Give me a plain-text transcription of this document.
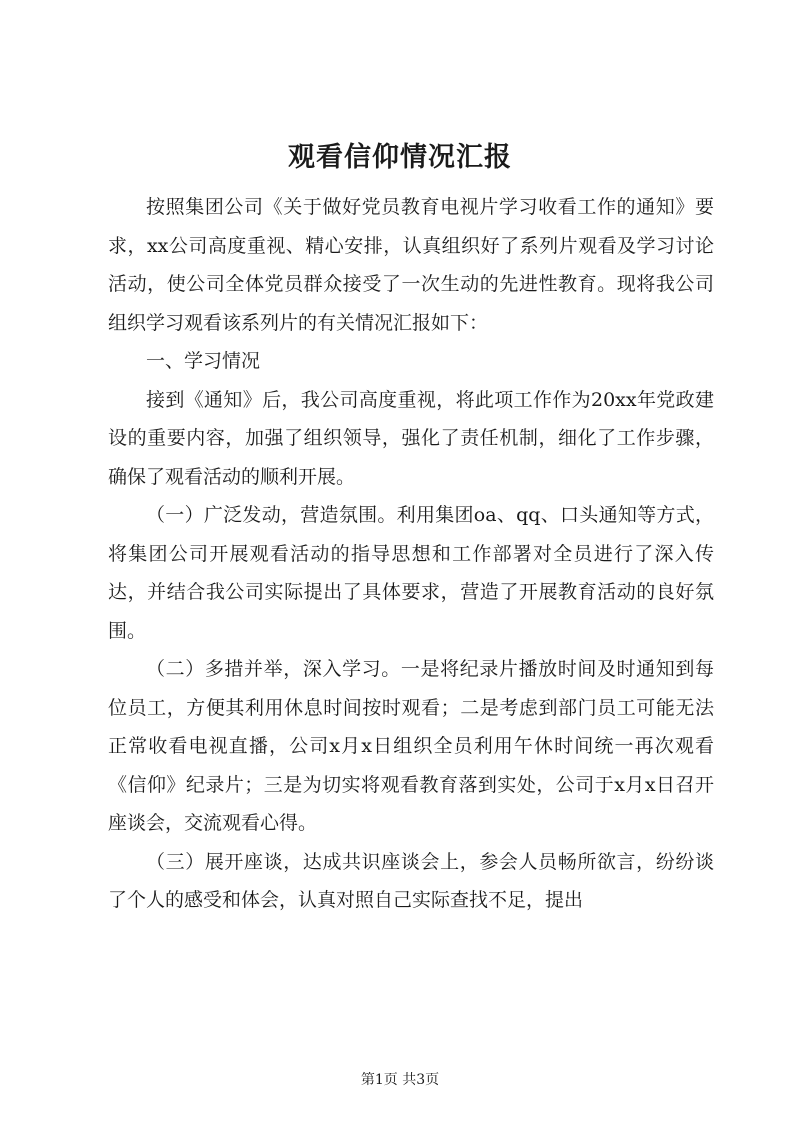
观看信仰情况汇报

按照集团公司《关于做好党员教育电视片学习收看工作的通知》要求，xx公司高度重视、精心安排，认真组织好了系列片观看及学习讨论活动，使公司全体党员群众接受了一次生动的先进性教育。现将我公司组织学习观看该系列片的有关情况汇报如下：

一、学习情况

接到《通知》后，我公司高度重视，将此项工作作为20xx年党政建设的重要内容，加强了组织领导，强化了责任机制，细化了工作步骤，确保了观看活动的顺利开展。

（一）广泛发动，营造氛围。利用集团oa、qq、口头通知等方式，将集团公司开展观看活动的指导思想和工作部署对全员进行了深入传达，并结合我公司实际提出了具体要求，营造了开展教育活动的良好氛围。

（二）多措并举，深入学习。一是将纪录片播放时间及时通知到每位员工，方便其利用休息时间按时观看；二是考虑到部门员工可能无法正常收看电视直播，公司x月x日组织全员利用午休时间统一再次观看《信仰》纪录片；三是为切实将观看教育落到实处，公司于x月x日召开座谈会，交流观看心得。

（三）展开座谈，达成共识座谈会上，参会人员畅所欲言，纷纷谈了个人的感受和体会，认真对照自己实际查找不足，提出

第1页 共3页
